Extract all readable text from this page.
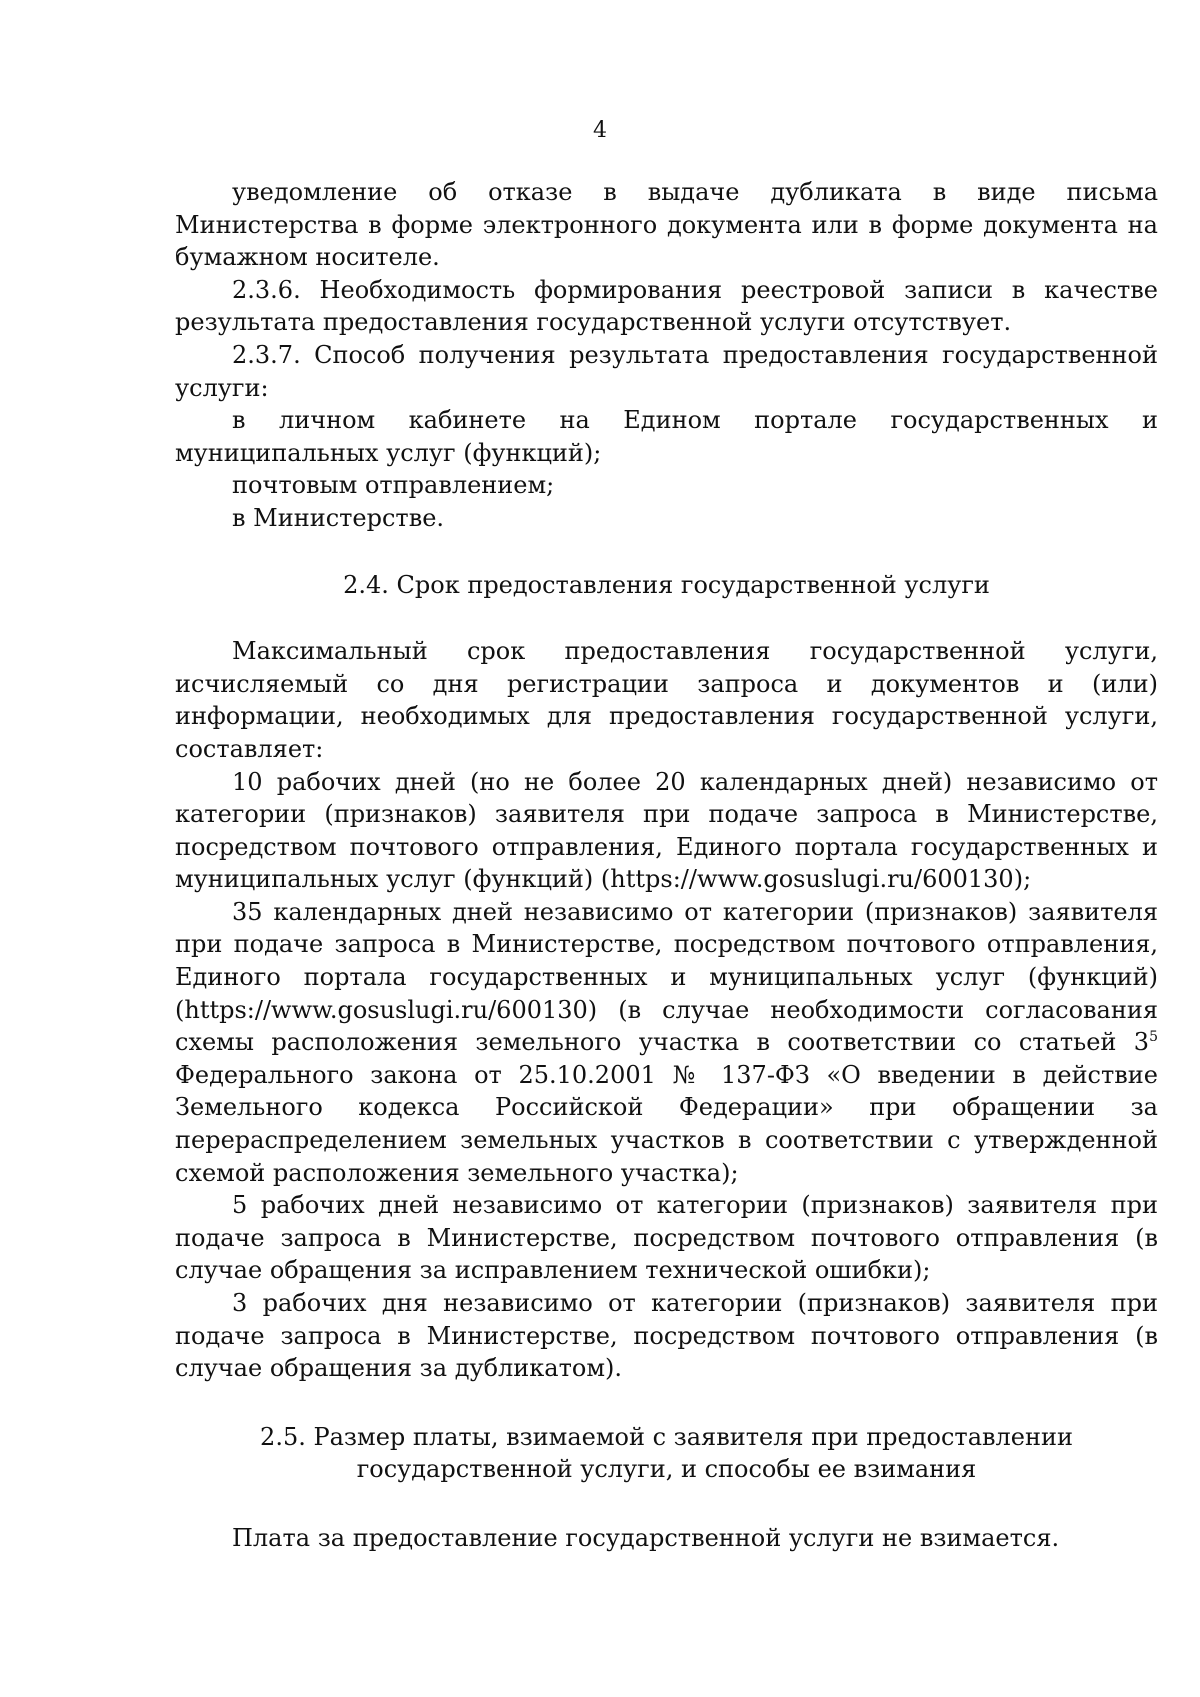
4

уведомление об отказе в выдаче дубликата в виде письма Министерства в форме электронного документа или в форме документа на бумажном носителе.

2.3.6. Необходимость формирования реестровой записи в качестве результата предоставления государственной услуги отсутствует.

2.3.7. Способ получения результата предоставления государственной услуги:

в личном кабинете на Едином портале государственных и муниципальных услуг (функций);

почтовым отправлением;

в Министерстве.

2.4. Срок предоставления государственной услуги

Максимальный срок предоставления государственной услуги, исчисляемый со дня регистрации запроса и документов и (или) информации, необходимых для предоставления государственной услуги, составляет:

10 рабочих дней (но не более 20 календарных дней) независимо от категории (признаков) заявителя при подаче запроса в Министерстве, посредством почтового отправления, Единого портала государственных и муниципальных услуг (функций) (https://www.gosuslugi.ru/600130);

35 календарных дней независимо от категории (признаков) заявителя при подаче запроса в Министерстве, посредством почтового отправления, Единого портала государственных и муниципальных услуг (функций) (https://www.gosuslugi.ru/600130) (в случае необходимости согласования схемы расположения земельного участка в соответствии со статьей $3^5$ Федерального закона от 25.10.2001 № 137-ФЗ «О введении в действие Земельного кодекса Российской Федерации» при обращении за перераспределением земельных участков в соответствии с утвержденной схемой расположения земельного участка);

5 рабочих дней независимо от категории (признаков) заявителя при подаче запроса в Министерстве, посредством почтового отправления (в случае обращения за исправлением технической ошибки);

3 рабочих дня независимо от категории (признаков) заявителя при подаче запроса в Министерстве, посредством почтового отправления (в случае обращения за дубликатом).

2.5. Размер платы, взимаемой с заявителя при предоставлении государственной услуги, и способы ее взимания

Плата за предоставление государственной услуги не взимается.
